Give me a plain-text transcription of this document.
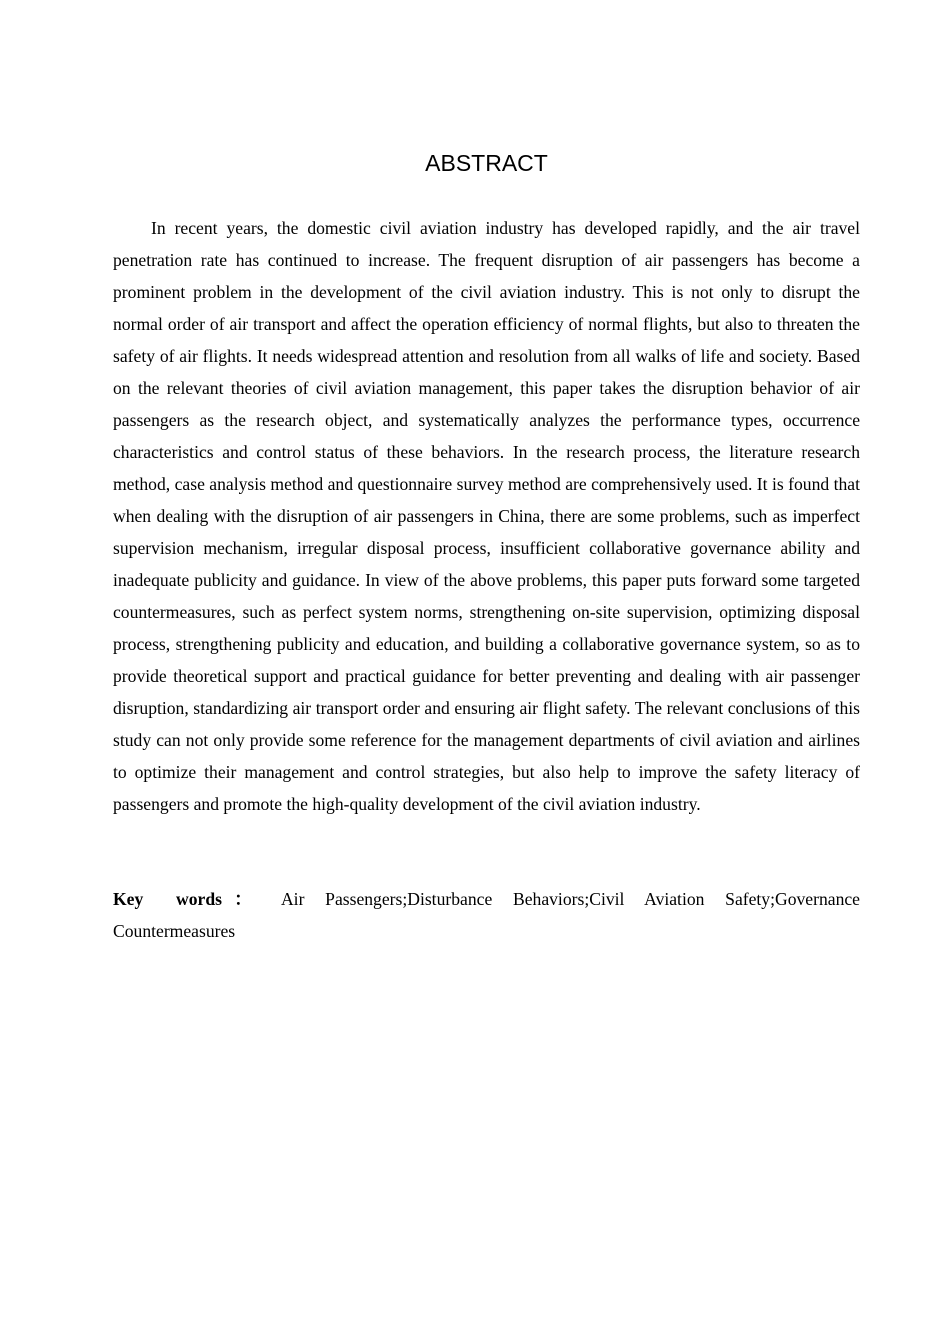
ABSTRACT

In recent years, the domestic civil aviation industry has developed rapidly, and the air travel penetration rate has continued to increase. The frequent disruption of air passengers has become a prominent problem in the development of the civil aviation industry. This is not only to disrupt the normal order of air transport and affect the operation efficiency of normal flights, but also to threaten the safety of air flights. It needs widespread attention and resolution from all walks of life and society. Based on the relevant theories of civil aviation management, this paper takes the disruption behavior of air passengers as the research object, and systematically analyzes the performance types, occurrence characteristics and control status of these behaviors. In the research process, the literature research method, case analysis method and questionnaire survey method are comprehensively used. It is found that when dealing with the disruption of air passengers in China, there are some problems, such as imperfect supervision mechanism, irregular disposal process, insufficient collaborative governance ability and inadequate publicity and guidance. In view of the above problems, this paper puts forward some targeted countermeasures, such as perfect system norms, strengthening on-site supervision, optimizing disposal process, strengthening publicity and education, and building a collaborative governance system, so as to provide theoretical support and practical guidance for better preventing and dealing with air passenger disruption, standardizing air transport order and ensuring air flight safety. The relevant conclusions of this study can not only provide some reference for the management departments of civil aviation and airlines to optimize their management and control strategies, but also help to improve the safety literacy of passengers and promote the high-quality development of the civil aviation industry.

Key words： Air Passengers;Disturbance Behaviors;Civil Aviation Safety;Governance Countermeasures
